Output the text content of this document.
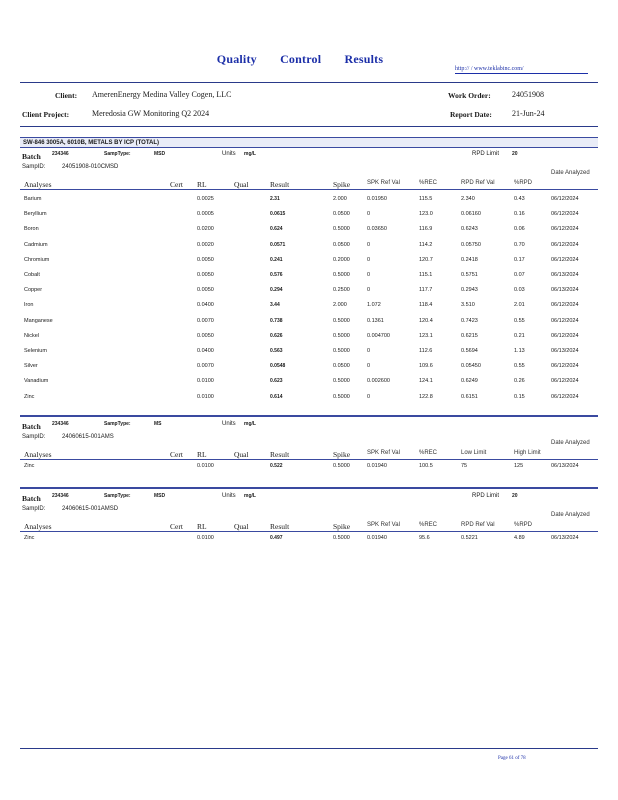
Quality Control Results
http:// / www.teklabinc.com/
Client: AmerenEnergy Medina Valley Cogen, LLC
Client Project:	Meredosia GW Monitoring Q2 2024
Work Order:	24051908
Report Date:	21-Jun-24
SW-846 3005A, 6010B, METALS BY ICP (TOTAL)
Batch 234346	SampType:	MSD	Units mg/L	RPD Limit	20
SampID:	24051908-010CMSD
Analyses	Cert RL	Qual	Result	Spike	SPK Ref Val	%REC	RPD Ref Val	%RPD
Date Analyzed
Barium	0.0025	2.31	2.000	0.01950	115.5	2.340	0.43	06/12/2024
Beryllium	0.0005	0.0615	0.0500	0	123.0	0.06160	0.16	06/12/2024
Boron	0.0200	0.624	0.5000	0.03650	116.9	0.6243	0.06	06/12/2024
Cadmium	0.0020	0.0571	0.0500	0	114.2	0.05750	0.70	06/12/2024
Chromium	0.0050	0.241	0.2000	0	120.7	0.2418	0.17	06/12/2024
Cobalt	0.0050	0.576	0.5000	0	115.1	0.5751	0.07	06/13/2024
Copper	0.0050	0.294	0.2500	0	117.7	0.2943	0.03	06/13/2024
Iron	0.0400	3.44	2.000	1.072	118.4	3.510	2.01	06/12/2024
Manganese	0.0070	0.738	0.5000	0.1361	120.4	0.7423	0.55	06/12/2024
Nickel	0.0050	0.626	0.5000	0.004700	123.1	0.6215	0.21	06/12/2024
Selenium	0.0400	0.563	0.5000	0	112.6	0.5694	1.13	06/13/2024
Silver	0.0070	0.0548	0.0500	0	109.6	0.05450	0.55	06/12/2024
Vanadium	0.0100	0.623	0.5000	0.002600	124.1	0.6249	0.26	06/12/2024
Zinc	0.0100	0.614	0.5000	0	122.8	0.6151	0.15	06/12/2024
Batch 234346	SampType:	MS	Units mg/L
SampID:	24060615-001AMS
Analyses	Cert RL	Qual	Result	Spike	SPK Ref Val	%REC	Low Limit	High Limit
Date Analyzed
Zinc	0.0100	0.522	0.5000	0.01940	100.5	75	125	06/13/2024
Batch 234346	SampType:	MSD	Units mg/L	RPD Limit	20
SampID:	24060615-001AMSD
Analyses	Cert RL	Qual	Result	Spike	SPK Ref Val	%REC	RPD Ref Val	%RPD
Date Analyzed
Zinc	0.0100	0.497	0.5000	0.01940	95.6	0.5221	4.89	06/13/2024
Page 61 of 78
